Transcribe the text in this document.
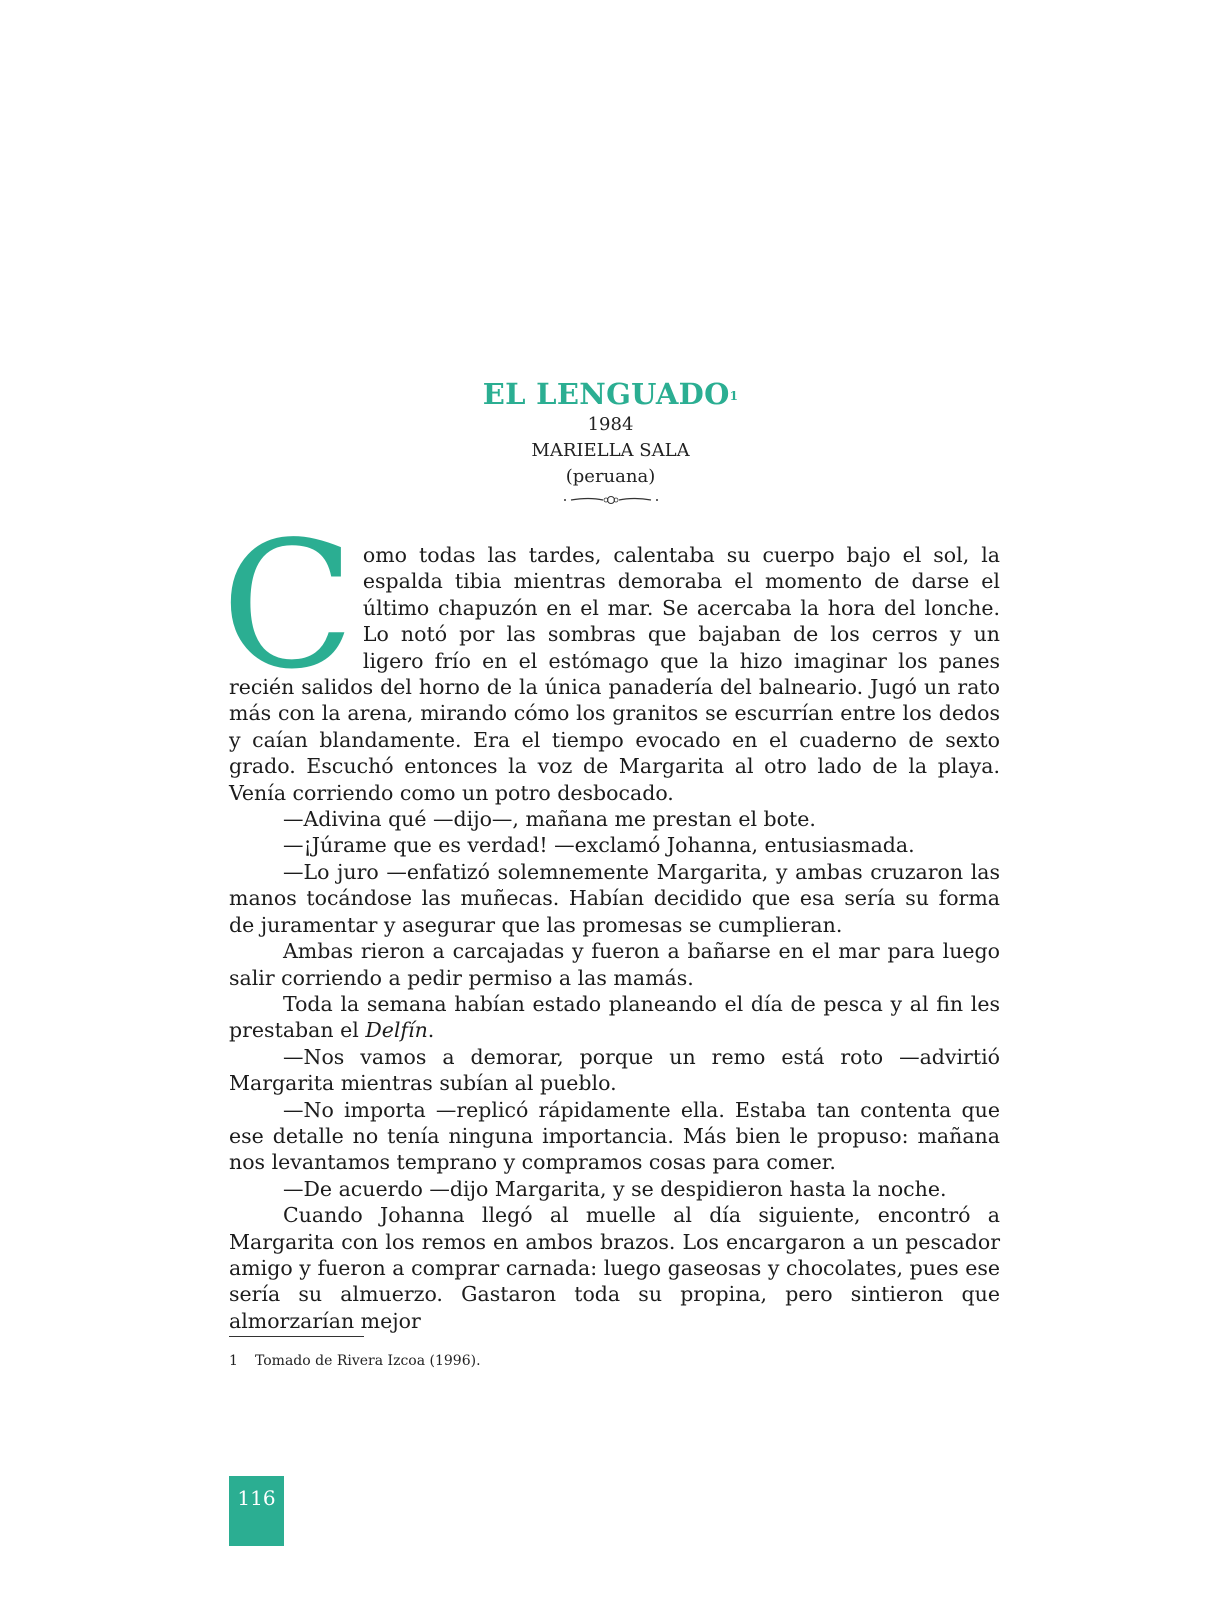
EL LENGUADO$^1$
1984
MARIELLA SALA
(peruana)

Como todas las tardes, calentaba su cuerpo bajo el sol, la espalda tibia mientras demoraba el momento de darse el último chapuzón en el mar. Se acercaba la hora del lonche. Lo notó por las sombras que bajaban de los cerros y un ligero frío en el estómago que la hizo imaginar los panes recién salidos del horno de la única panadería del balneario. Jugó un rato más con la arena, mirando cómo los granitos se escurrían entre los dedos y caían blandamente. Era el tiempo evocado en el cuaderno de sexto grado. Escuchó entonces la voz de Margarita al otro lado de la playa. Venía corriendo como un potro desbocado.

—Adivina qué —dijo—, mañana me prestan el bote.

—¡Júrame que es verdad! —exclamó Johanna, entusiasmada.

—Lo juro —enfatizó solemnemente Margarita, y ambas cruzaron las manos tocándose las muñecas. Habían decidido que esa sería su forma de juramentar y asegurar que las promesas se cumplieran.

Ambas rieron a carcajadas y fueron a bañarse en el mar para luego salir corriendo a pedir permiso a las mamás.

Toda la semana habían estado planeando el día de pesca y al fin les prestaban el Delfín.

—Nos vamos a demorar, porque un remo está roto —advirtió Margarita mientras subían al pueblo.

—No importa —replicó rápidamente ella. Estaba tan contenta que ese detalle no tenía ninguna importancia. Más bien le propuso: mañana nos levantamos temprano y compramos cosas para comer.

—De acuerdo —dijo Margarita, y se despidieron hasta la noche.

Cuando Johanna llegó al muelle al día siguiente, encontró a Margarita con los remos en ambos brazos. Los encargaron a un pescador amigo y fueron a comprar carnada: luego gaseosas y chocolates, pues ese sería su almuerzo. Gastaron toda su propina, pero sintieron que almorzarían mejor

1 Tomado de Rivera Izcoa (1996).
116
